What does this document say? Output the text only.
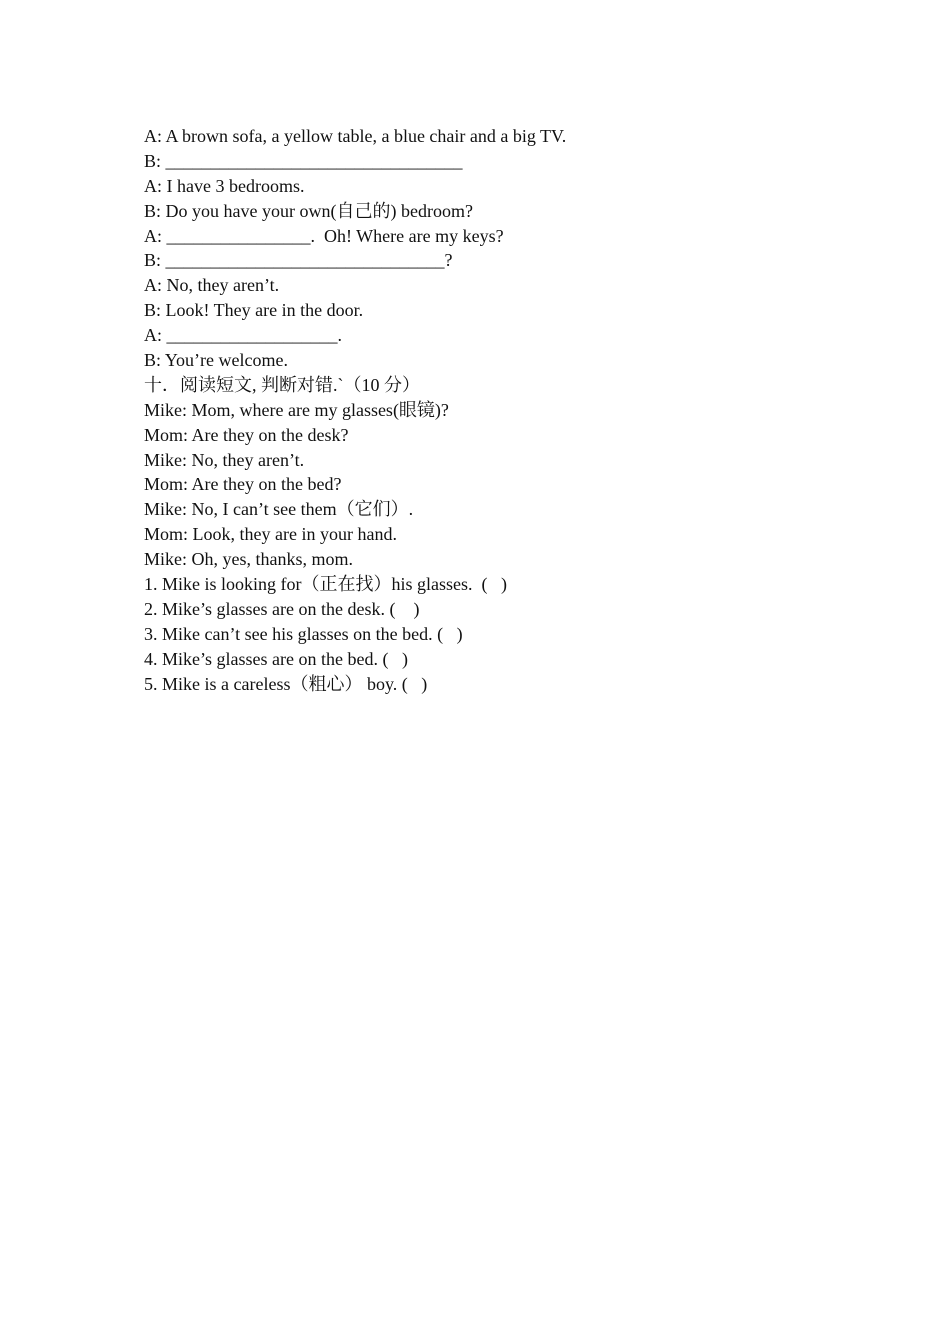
A: A brown sofa, a yellow table, a blue chair and a big TV.
B: _________________________________
A: I have 3 bedrooms.
B: Do you have your own(自己的) bedroom?
A: ________________.  Oh! Where are my keys?
B: _______________________________?
A: No, they aren’t.
B: Look! They are in the door.
A: ___________________.
B: You’re welcome.
十．阅读短文, 判断对错.`（10 分）
Mike: Mom, where are my glasses(眼镜)?
Mom: Are they on the desk?
Mike: No, they aren’t.
Mom: Are they on the bed?
Mike: No, I can’t see them（它们）.
Mom: Look, they are in your hand.
Mike: Oh, yes, thanks, mom.
1. Mike is looking for（正在找）his glasses.  (   )
2. Mike’s glasses are on the desk. (    )
3. Mike can’t see his glasses on the bed. (   )
4. Mike’s glasses are on the bed. (   )
5. Mike is a careless（粗心） boy. (   )
